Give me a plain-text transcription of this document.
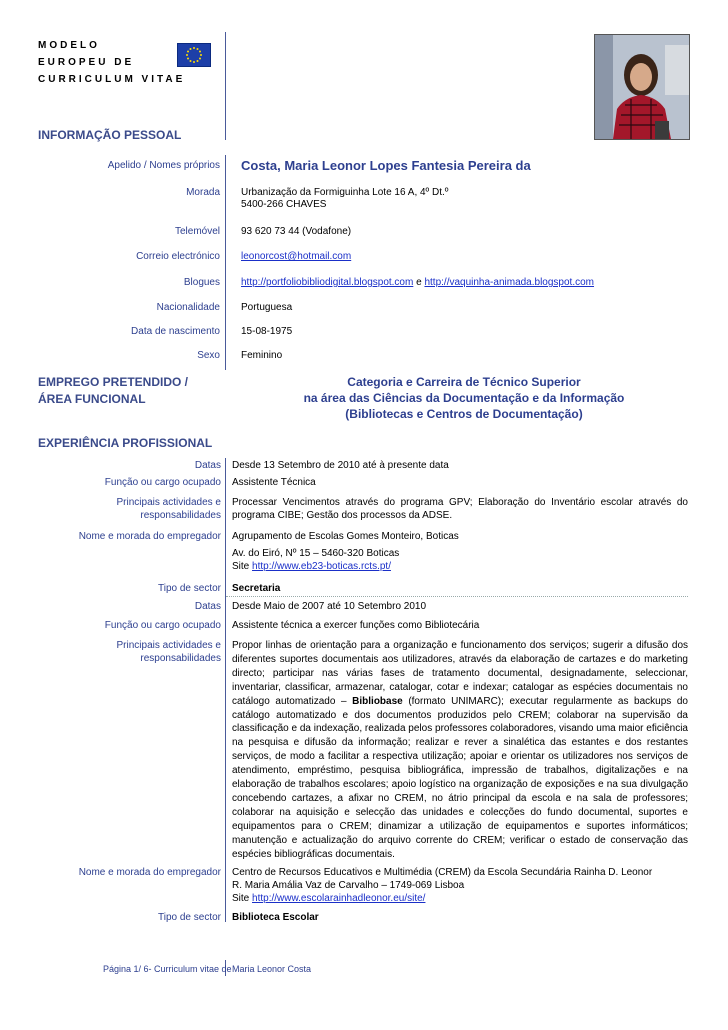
MODELO
EUROPEU DE
CURRICULUM VITAE
INFORMAÇÃO PESSOAL
Apelido / Nomes próprios Costa, Maria Leonor Lopes Fantesia Pereira da
Morada Urbanização da Formiguinha Lote 16 A, 4º Dt.º
5400-266 CHAVES
Telemóvel 93 620 73 44 (Vodafone)
Correio electrónico leonorcost@hotmail.com
Blogues http://portfoliobibliodigital.blogspot.com e http://vaquinha-animada.blogspot.com
Nacionalidade Portuguesa
Data de nascimento 15-08-1975
Sexo Feminino
EMPREGO PRETENDIDO /
ÁREA FUNCIONAL
Categoria e Carreira de Técnico Superior
na área das Ciências da Documentação e da Informação
(Bibliotecas e Centros de Documentação)
EXPERIÊNCIA PROFISSIONAL
Datas Desde 13 Setembro de 2010 até à presente data
Função ou cargo ocupado Assistente Técnica
Principais actividades e responsabilidades
Processar Vencimentos através do programa GPV; Elaboração do Inventário escolar através do programa CIBE; Gestão dos processos da ADSE.
Nome e morada do empregador Agrupamento de Escolas Gomes Monteiro, Boticas
Av. do Eiró, Nº 15 – 5460-320 Boticas
Site http://www.eb23-boticas.rcts.pt/
Tipo de sector Secretaria
Datas Desde Maio de 2007 até 10 Setembro 2010
Função ou cargo ocupado Assistente técnica a exercer funções como Bibliotecária
Principais actividades e responsabilidades
Propor linhas de orientação para a organização e funcionamento dos serviços; sugerir a difusão dos diferentes suportes documentais aos utilizadores, através da elaboração de cartazes e do marketing directo; participar nas várias fases de tratamento documental, designadamente, seleccionar, inventariar, classificar, armazenar, catalogar, cotar e indexar; catalogar as espécies documentais no catálogo automatizado – Bibliobase (formato UNIMARC); executar regularmente as backups do catálogo automatizado e dos documentos produzidos pelo CREM; colaborar na supervisão da classificação e da indexação, realizada pelos professores colaboradores, visando uma maior eficiência na pesquisa e difusão da informação; realizar e rever a sinalética das estantes e dos restantes serviços, de modo a facilitar a respectiva utilização; apoiar e orientar os utilizadores nos serviços de atendimento, empréstimo, pesquisa bibliográfica, impressão de trabalhos, digitalizações e na elaboração de trabalhos escolares; apoio logístico na organização de exposições e na sua divulgação concebendo cartazes, a afixar no CREM, no átrio principal da escola e na sala de professores; colaborar na aquisição e selecção das unidades e colecções do fundo documental, suportes e equipamentos para o CREM; dinamizar a utilização de equipamentos e suportes informáticos; manutenção e actualização do arquivo corrente do CREM; verificar o estado de conservação das espécies bibliográficas documentais.
Nome e morada do empregador Centro de Recursos Educativos e Multimédia (CREM) da Escola Secundária Rainha D. Leonor
R. Maria Amália Vaz de Carvalho – 1749-069 Lisboa
Site http://www.escolarainhadleonor.eu/site/
Tipo de sector Biblioteca Escolar
Página 1/ 6- Curriculum vitae de Maria Leonor Costa
